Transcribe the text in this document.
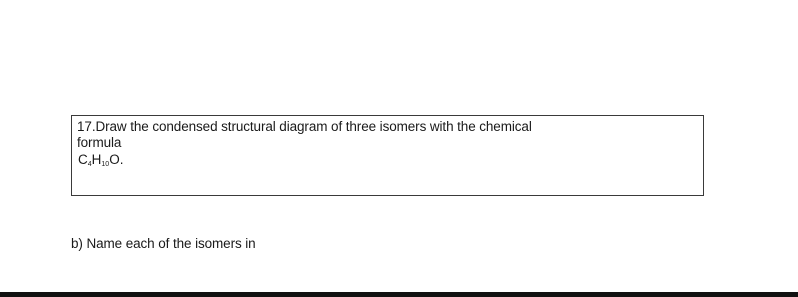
17.Draw the condensed structural diagram of three isomers with the chemical

formula

$C_4H_{10}O$.

b) Name each of the isomers in
